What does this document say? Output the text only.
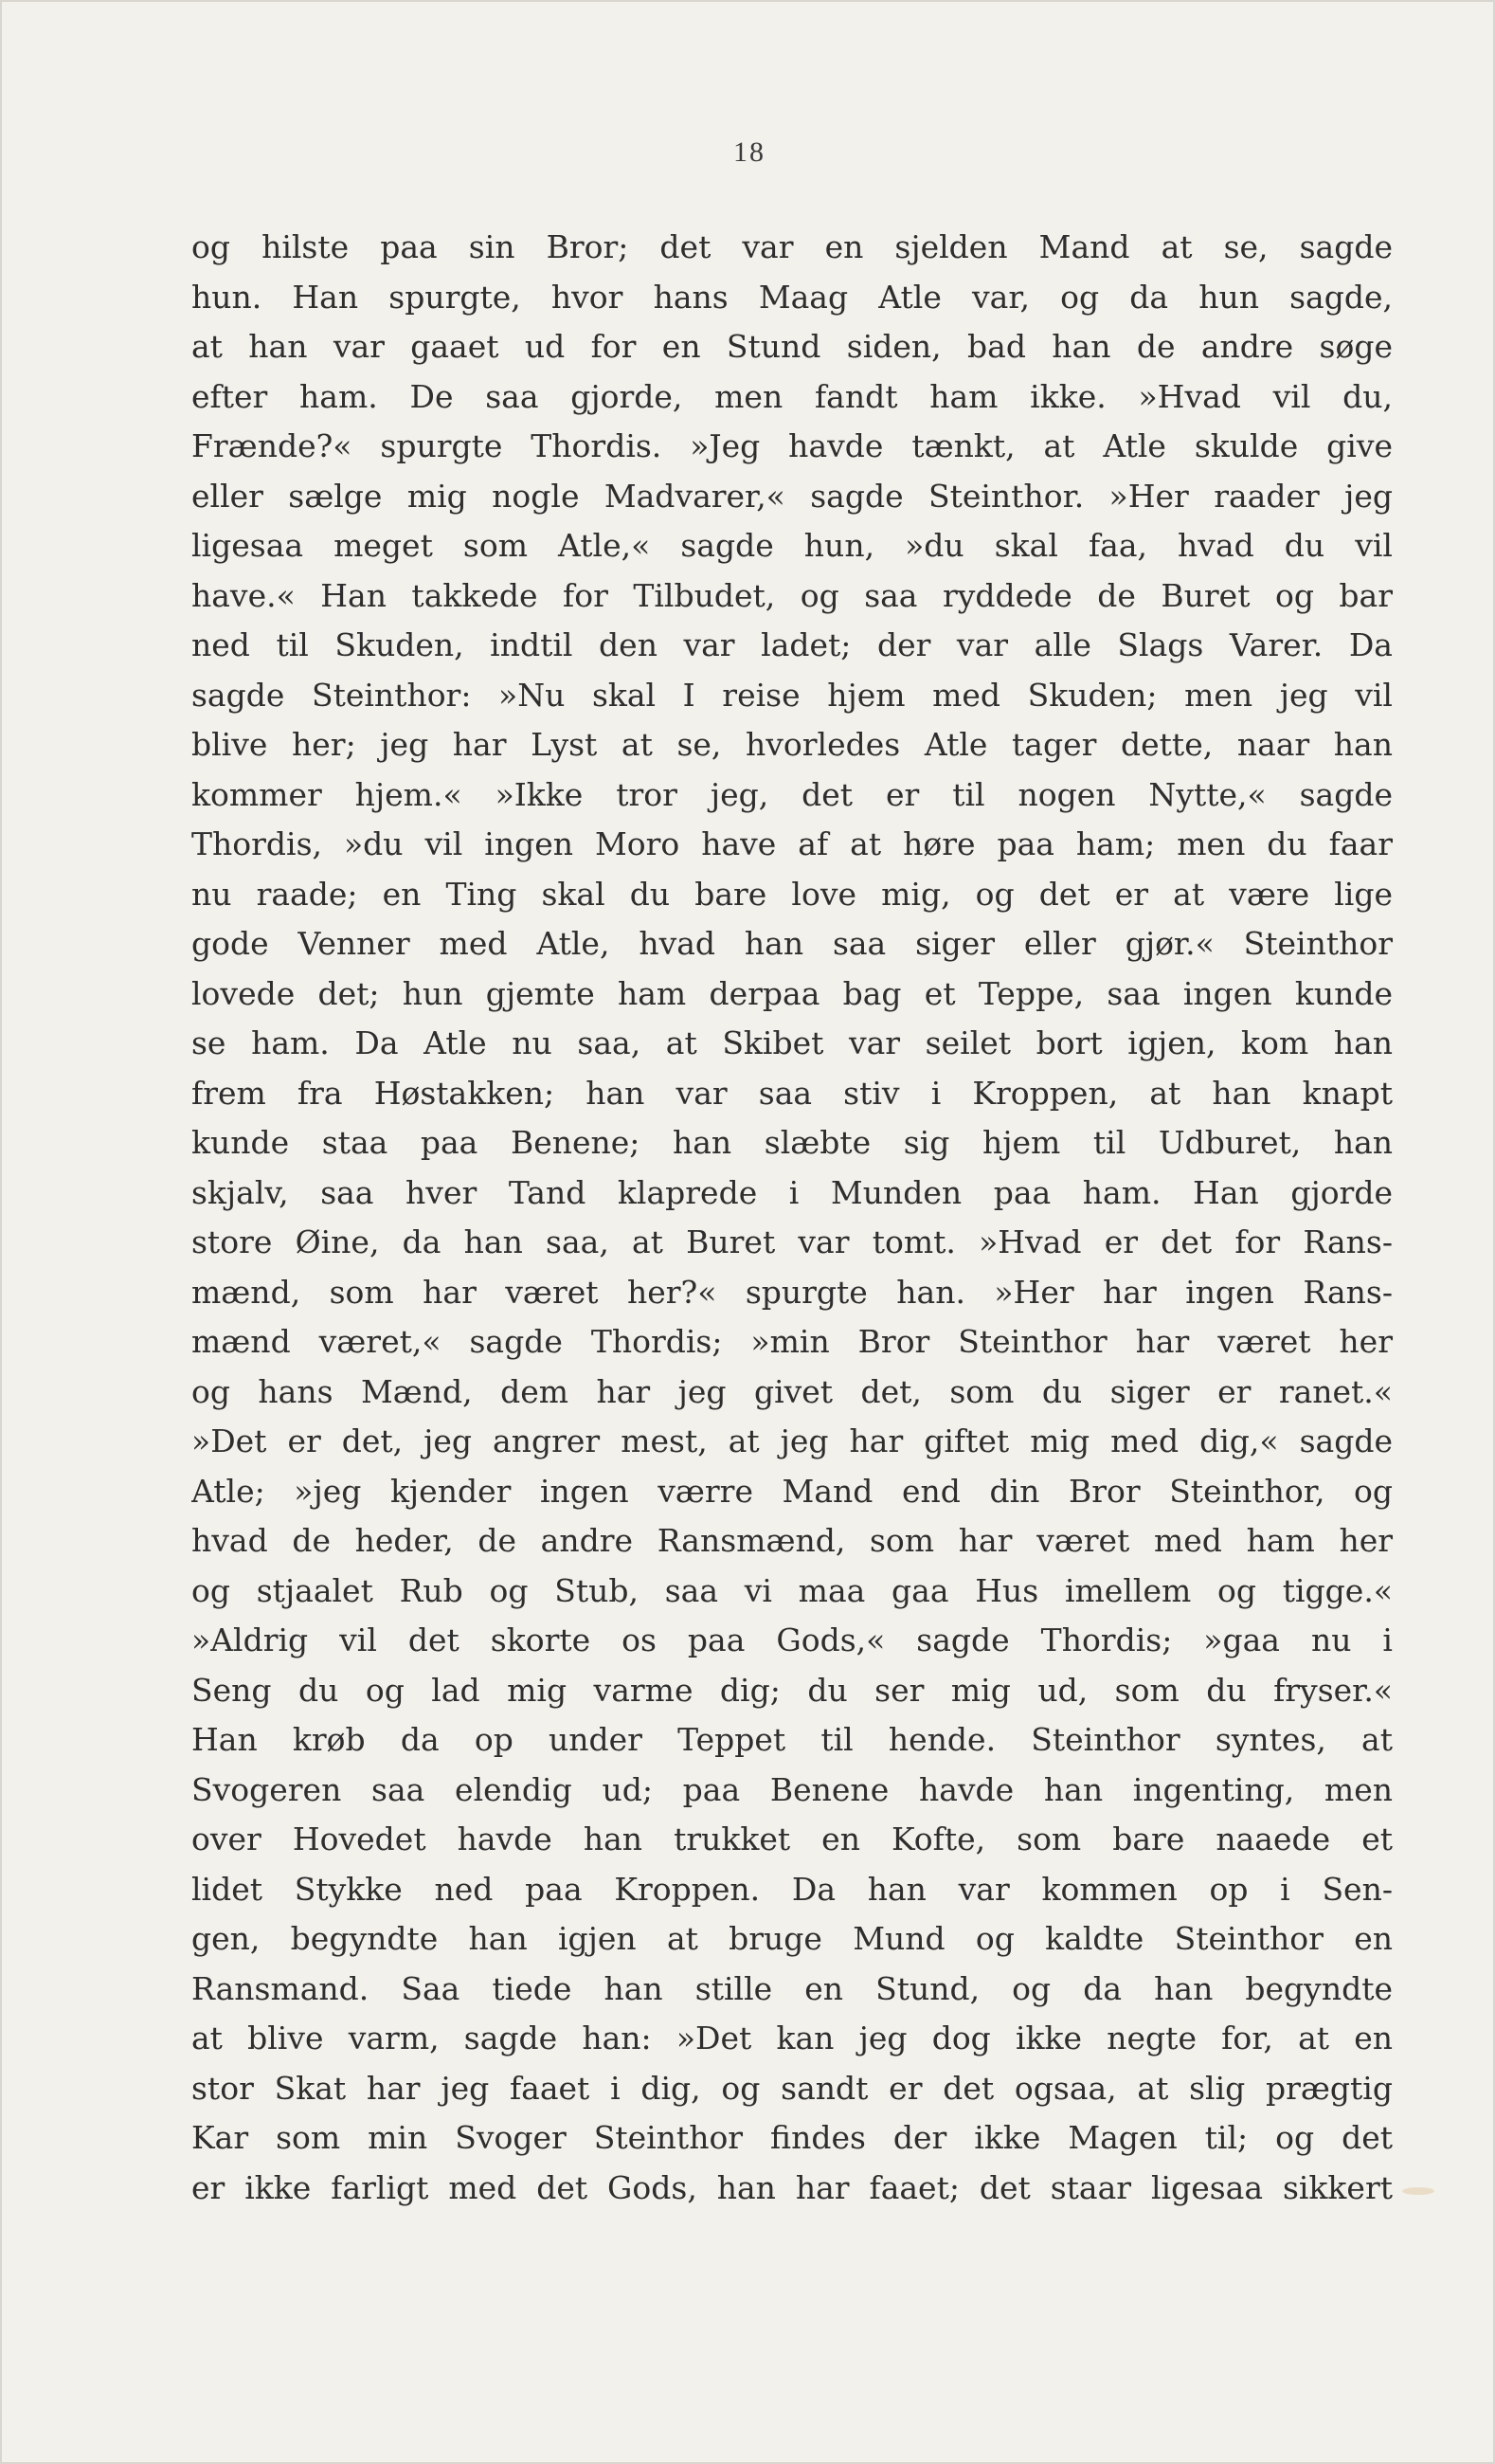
18
og hilste paa sin Bror; det var en sjelden Mand at se, sagde
hun. Han spurgte, hvor hans Maag Atle var, og da hun sagde,
at han var gaaet ud for en Stund siden, bad han de andre søge
efter ham. De saa gjorde, men fandt ham ikke. »Hvad vil du,
Frænde?« spurgte Thordis. »Jeg havde tænkt, at Atle skulde give
eller sælge mig nogle Madvarer,« sagde Steinthor. »Her raader jeg
ligesaa meget som Atle,« sagde hun, »du skal faa, hvad du vil
have.« Han takkede for Tilbudet, og saa ryddede de Buret og bar
ned til Skuden, indtil den var ladet; der var alle Slags Varer. Da
sagde Steinthor: »Nu skal I reise hjem med Skuden; men jeg vil
blive her; jeg har Lyst at se, hvorledes Atle tager dette, naar han
kommer hjem.« »Ikke tror jeg, det er til nogen Nytte,« sagde
Thordis, »du vil ingen Moro have af at høre paa ham; men du faar
nu raade; en Ting skal du bare love mig, og det er at være lige
gode Venner med Atle, hvad han saa siger eller gjør.« Steinthor
lovede det; hun gjemte ham derpaa bag et Teppe, saa ingen kunde
se ham. Da Atle nu saa, at Skibet var seilet bort igjen, kom han
frem fra Høstakken; han var saa stiv i Kroppen, at han knapt
kunde staa paa Benene; han slæbte sig hjem til Udburet, han
skjalv, saa hver Tand klaprede i Munden paa ham. Han gjorde
store Øine, da han saa, at Buret var tomt. »Hvad er det for Rans-
mænd, som har været her?« spurgte han. »Her har ingen Rans-
mænd været,« sagde Thordis; »min Bror Steinthor har været her
og hans Mænd, dem har jeg givet det, som du siger er ranet.«
»Det er det, jeg angrer mest, at jeg har giftet mig med dig,« sagde
Atle; »jeg kjender ingen værre Mand end din Bror Steinthor, og
hvad de heder, de andre Ransmænd, som har været med ham her
og stjaalet Rub og Stub, saa vi maa gaa Hus imellem og tigge.«
»Aldrig vil det skorte os paa Gods,« sagde Thordis; »gaa nu i
Seng du og lad mig varme dig; du ser mig ud, som du fryser.«
Han krøb da op under Teppet til hende. Steinthor syntes, at
Svogeren saa elendig ud; paa Benene havde han ingenting, men
over Hovedet havde han trukket en Kofte, som bare naaede et
lidet Stykke ned paa Kroppen. Da han var kommen op i Sen-
gen, begyndte han igjen at bruge Mund og kaldte Steinthor en
Ransmand. Saa tiede han stille en Stund, og da han begyndte
at blive varm, sagde han: »Det kan jeg dog ikke negte for, at en
stor Skat har jeg faaet i dig, og sandt er det ogsaa, at slig prægtig
Kar som min Svoger Steinthor findes der ikke Magen til; og det
er ikke farligt med det Gods, han har faaet; det staar ligesaa sikkert
